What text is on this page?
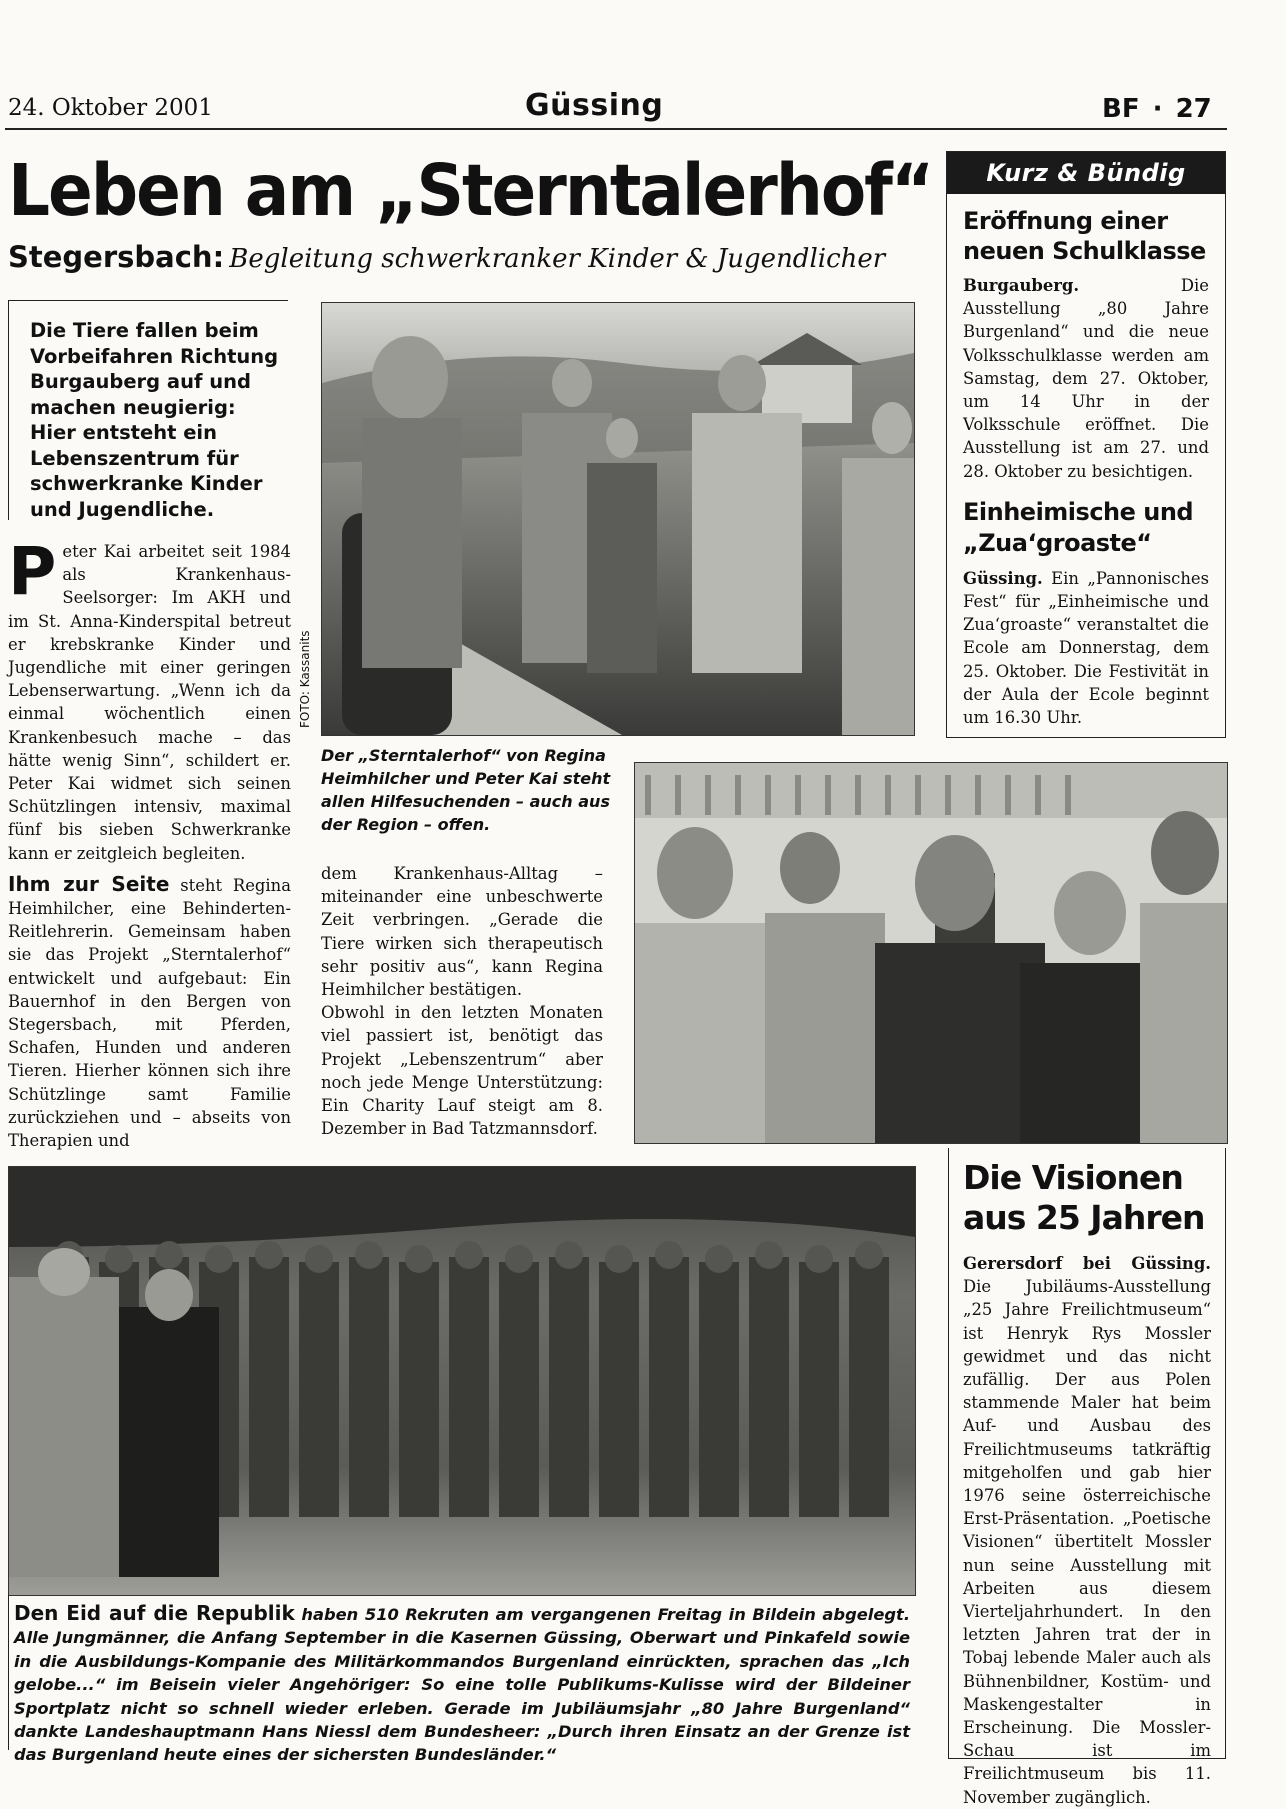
24. Oktober 2001	Güssing	BF · 27
Leben am „Sterntalerhof“
Stegersbach: Begleitung schwerkranker Kinder & Jugendlicher
Die Tiere fallen beim Vorbeifahren Richtung Burgauberg auf und machen neugierig: Hier entsteht ein Lebenszentrum für schwerkranke Kinder und Jugendliche.

P eter Kai arbeitet seit 1984 als Krankenhaus-Seelsorger: Im AKH und im St. Anna-Kinderspital betreut er krebskranke Kinder und Jugendliche mit einer geringen Lebenserwartung. „Wenn ich da einmal wöchentlich einen Krankenbesuch mache – das hätte wenig Sinn“, schildert er. Peter Kai widmet sich seinen Schützlingen intensiv, maximal fünf bis sieben Schwerkranke kann er zeitgleich begleiten.

Ihm zur Seite steht Regina Heimhilcher, eine Behinderten-Reitlehrerin. Gemeinsam haben sie das Projekt „Sterntalerhof“ entwickelt und aufgebaut: Ein Bauernhof in den Bergen von Stegersbach, mit Pferden, Schafen, Hunden und anderen Tieren. Hierher können sich ihre Schützlinge samt Familie zurückziehen und – abseits von Therapien und

FOTO: Kassanits
Der „Sterntalerhof“ von Regina Heimhilcher und Peter Kai steht allen Hilfesuchenden – auch aus der Region – offen.

dem Krankenhaus-Alltag – miteinander eine unbeschwerte Zeit verbringen. „Gerade die Tiere wirken sich therapeutisch sehr positiv aus“, kann Regina Heimhilcher bestätigen.

Obwohl in den letzten Monaten viel passiert ist, benötigt das Projekt „Lebenszentrum“ aber noch jede Menge Unterstützung: Ein Charity Lauf steigt am 8. Dezember in Bad Tatzmannsdorf.

Kurz & Bündig
Eröffnung einer neuen Schulklasse

Burgauberg. Die Ausstellung „80 Jahre Burgenland“ und die neue Volksschulklasse werden am Samstag, dem 27. Oktober, um 14 Uhr in der Volksschule eröffnet. Die Ausstellung ist am 27. und 28. Oktober zu besichtigen.

Einheimische und „Zua‘groaste“

Güssing. Ein „Pannonisches Fest“ für „Einheimische und Zua‘groaste“ veranstaltet die Ecole am Donnerstag, dem 25. Oktober. Die Festivität in der Aula der Ecole beginnt um 16.30 Uhr.

Den Eid auf die Republik haben 510 Rekruten am vergangenen Freitag in Bildein abgelegt. Alle Jungmänner, die Anfang September in die Kasernen Güssing, Oberwart und Pinkafeld sowie in die Ausbildungs-Kompanie des Militärkommandos Burgenland einrückten, sprachen das „Ich gelobe...“ im Beisein vieler Angehöriger: So eine tolle Publikums-Kulisse wird der Bildeiner Sportplatz nicht so schnell wieder erleben. Gerade im Jubiläumsjahr „80 Jahre Burgenland“ dankte Landeshauptmann Hans Niessl dem Bundesheer: „Durch ihren Einsatz an der Grenze ist das Burgenland heute eines der sichersten Bundesländer.“
Die Visionen aus 25 Jahren

Gerersdorf bei Güssing. Die Jubiläums-Ausstellung „25 Jahre Freilichtmuseum“ ist Henryk Rys Mossler gewidmet und das nicht zufällig. Der aus Polen stammende Maler hat beim Auf- und Ausbau des Freilichtmuseums tatkräftig mitgeholfen und gab hier 1976 seine österreichische Erst-Präsentation. „Poetische Visionen“ übertitelt Mossler nun seine Ausstellung mit Arbeiten aus diesem Vierteljahrhundert. In den letzten Jahren trat der in Tobaj lebende Maler auch als Bühnenbildner, Kostüm- und Maskengestalter in Erscheinung. Die Mossler-Schau ist im Freilichtmuseum bis 11. November zugänglich.
